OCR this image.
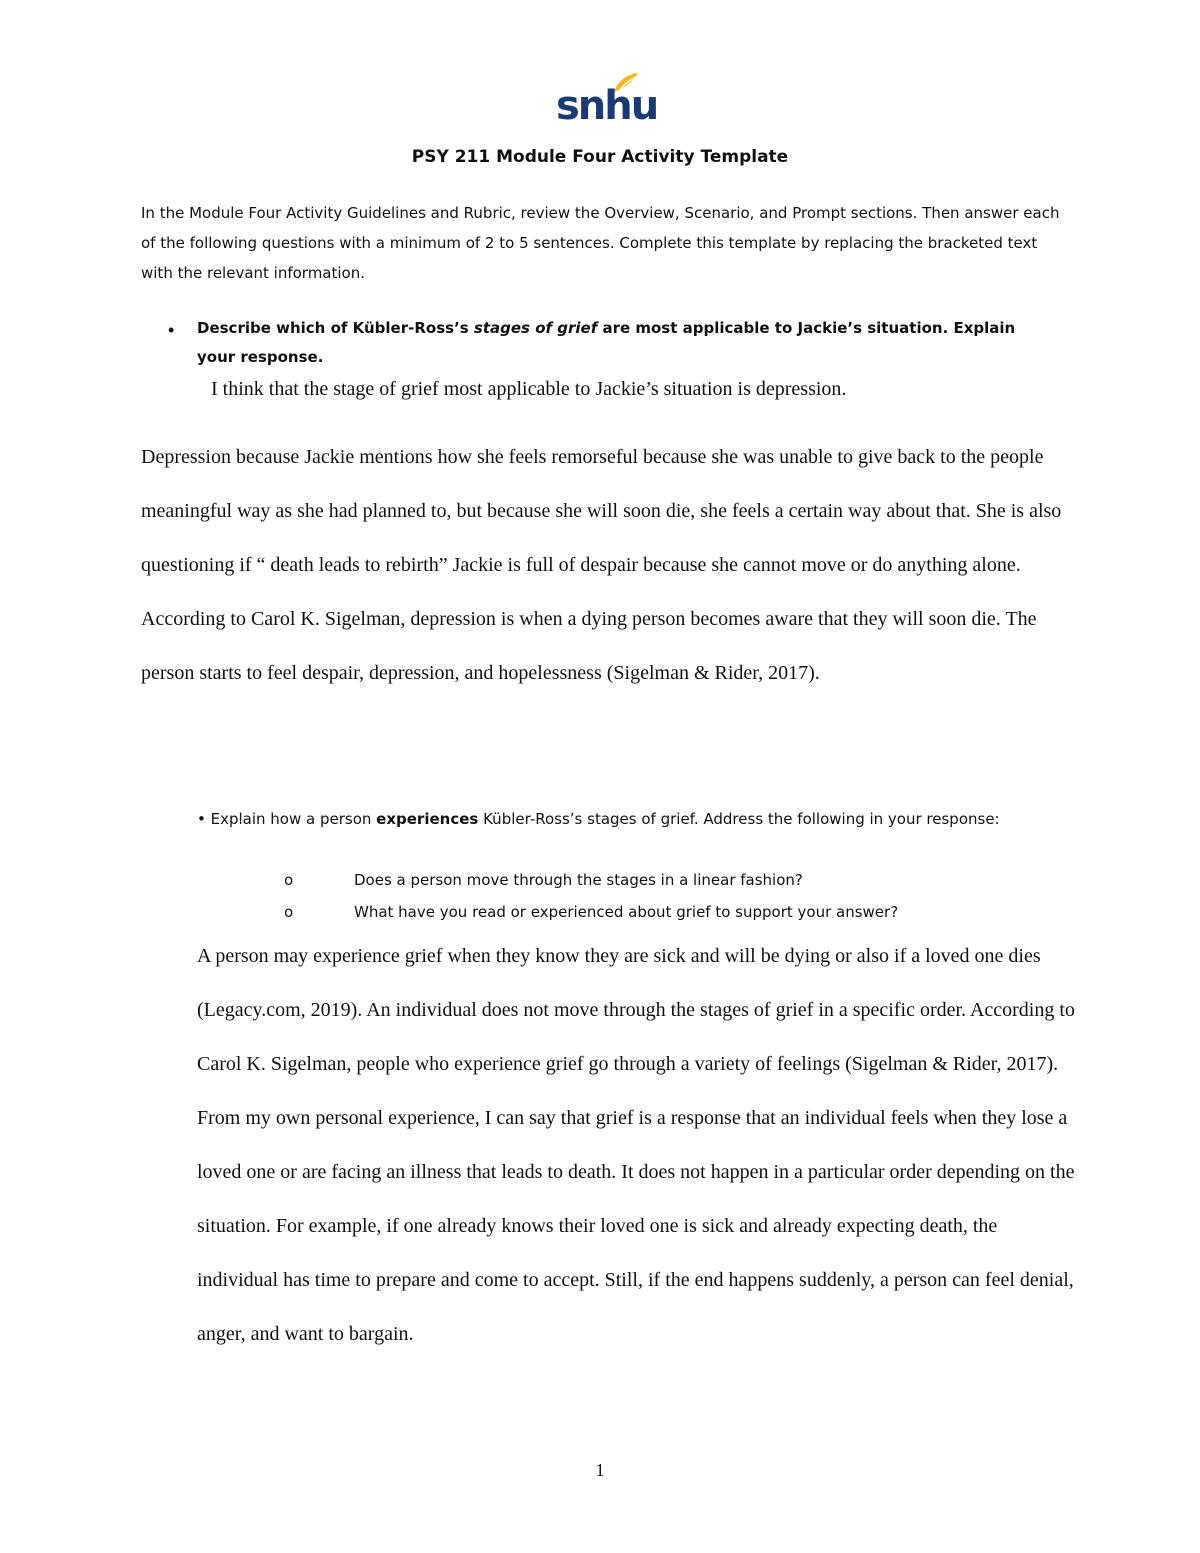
snhu
PSY 211 Module Four Activity Template

In the Module Four Activity Guidelines and Rubric, review the Overview, Scenario, and Prompt sections. Then answer each of the following questions with a minimum of 2 to 5 sentences. Complete this template by replacing the bracketed text with the relevant information.

• Describe which of Kübler-Ross’s stages of grief are most applicable to Jackie’s situation. Explain your response.

I think that the stage of grief most applicable to Jackie’s situation is depression.

Depression because Jackie mentions how she feels remorseful because she was unable to give back to the people meaningful way as she had planned to, but because she will soon die, she feels a certain way about that. She is also questioning if “ death leads to rebirth” Jackie is full of despair because she cannot move or do anything alone. According to Carol K. Sigelman, depression is when a dying person becomes aware that they will soon die. The person starts to feel despair, depression, and hopelessness (Sigelman & Rider, 2017).

• Explain how a person experiences Kübler-Ross’s stages of grief. Address the following in your response:

o	Does a person move through the stages in a linear fashion?

o	What have you read or experienced about grief to support your answer?

A person may experience grief when they know they are sick and will be dying or also if a loved one dies (Legacy.com, 2019). An individual does not move through the stages of grief in a specific order. According to Carol K. Sigelman, people who experience grief go through a variety of feelings (Sigelman & Rider, 2017). From my own personal experience, I can say that grief is a response that an individual feels when they lose a loved one or are facing an illness that leads to death. It does not happen in a particular order depending on the situation. For example, if one already knows their loved one is sick and already expecting death, the individual has time to prepare and come to accept. Still, if the end happens suddenly, a person can feel denial, anger, and want to bargain.

1
